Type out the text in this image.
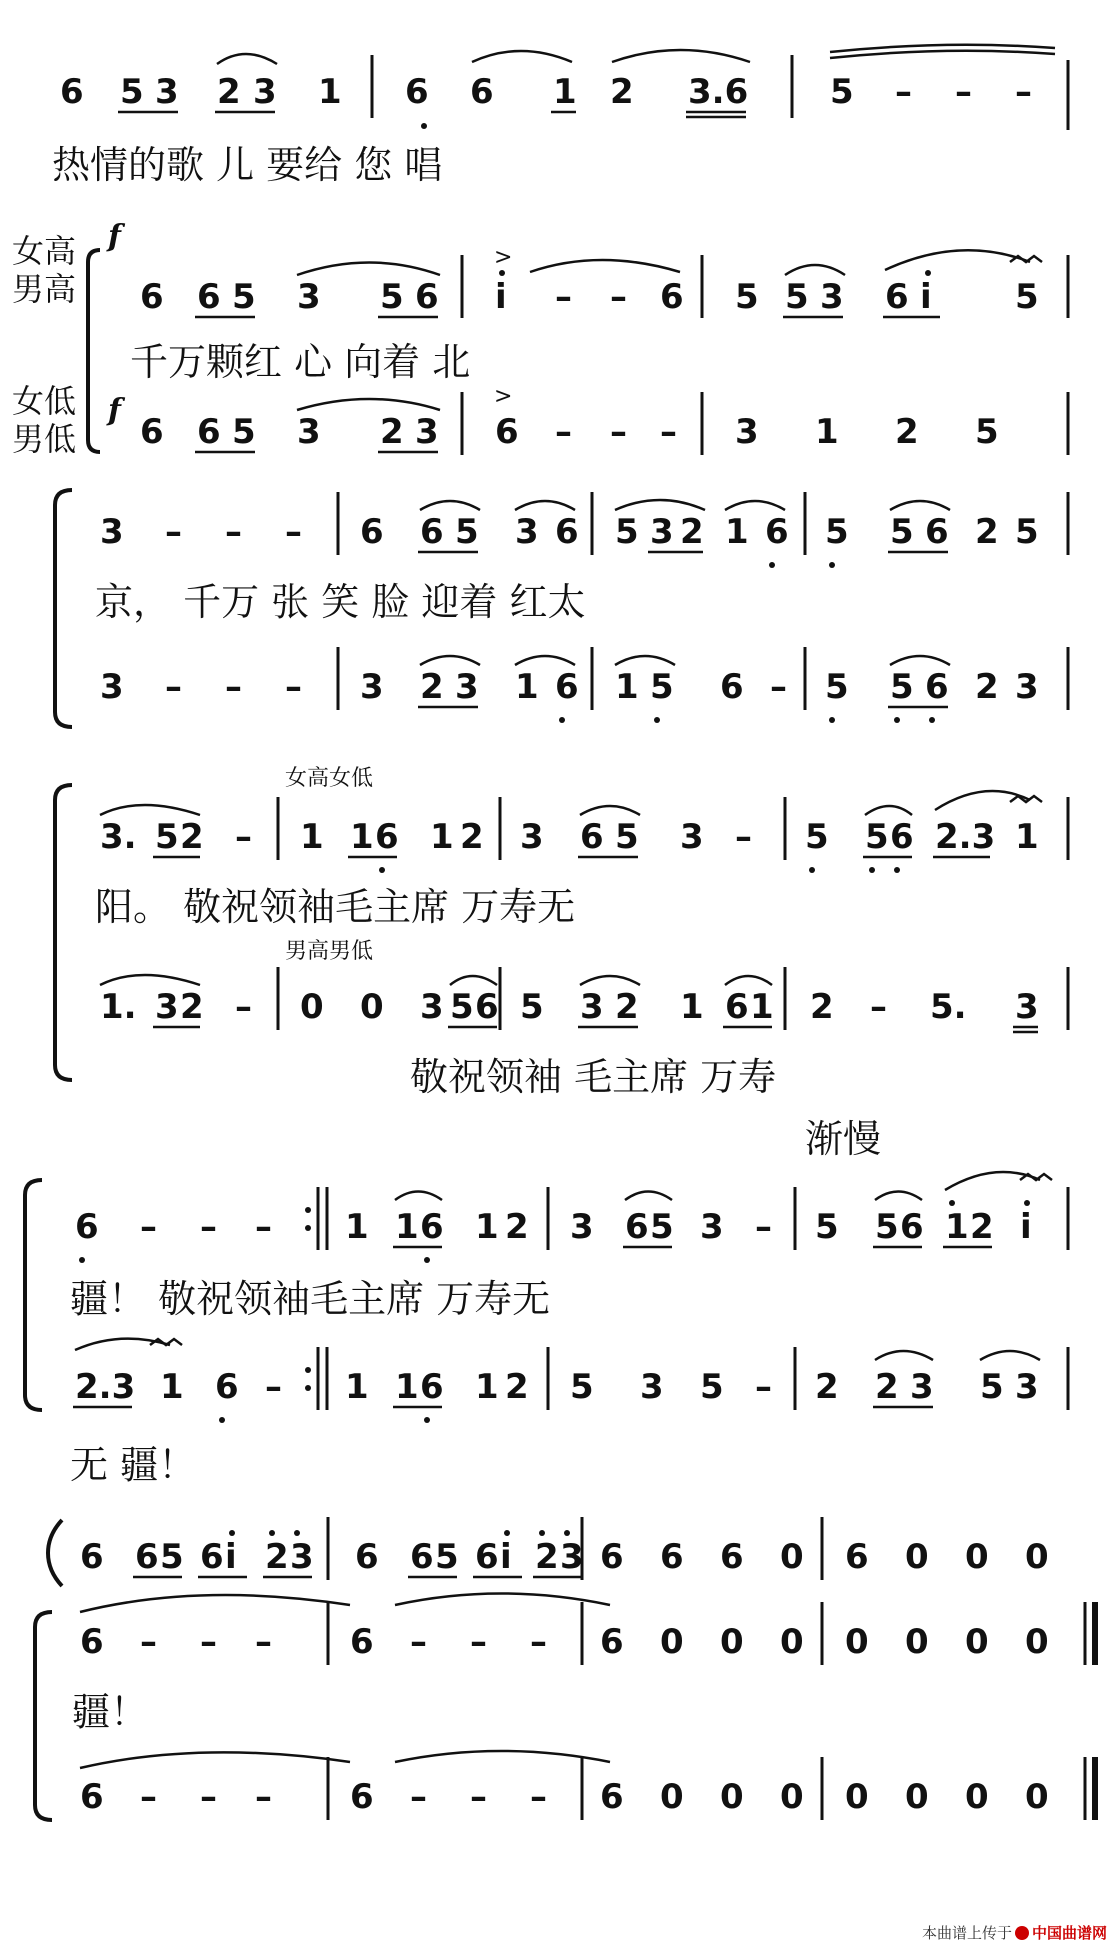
6 5 3 2 3 1 6 6 1 2 3.6 5 – – –
热情的歌 儿 要给 您 唱
女高
男高
女低
男低
f
f
6 6 5 3 5 6 i – – 6 5 5 3 6 i 5
>
千万颗红 心 向着 北
6 6 5 3 2 3 6 – – – 3 1 2 5
>
3 – – – 6 6 5 3 6 5 3 2 1 6 5 5 6 2 5
京， 千万 张 笑 脸 迎着 红太
3 – – – 3 2 3 1 6 1 5 6 – 5 5 6 2 3
女高女低
3. 5 2 – 1 1 6 1 2 3 6 5 3 – 5 5 6 2.3 1
阳。 敬祝领袖毛主席 万寿无
男高男低
1. 3 2 – 0 0 3 5 6 5 3 2 1 6 1 2 – 5. 3
敬祝领袖 毛主席 万寿
渐慢
6 – – – 1 1 6 1 2 3 6 5 3 – 5 5 6 1 2 i
疆！ 敬祝领袖毛主席 万寿无
2.3 1 6 – 1 1 6 1 2 5 3 5 – 2 2 3 5 3
无 疆！
6 6 5 6 i 2 3 6 6 5 6 i 2 3 6 6 6 0 6 0 0 0
6 – – – 6 – – – 6 0 0 0 0 0 0 0
疆！
6 – – – 6 – – – 6 0 0 0 0 0 0 0
本曲谱上传于 中国曲谱网
